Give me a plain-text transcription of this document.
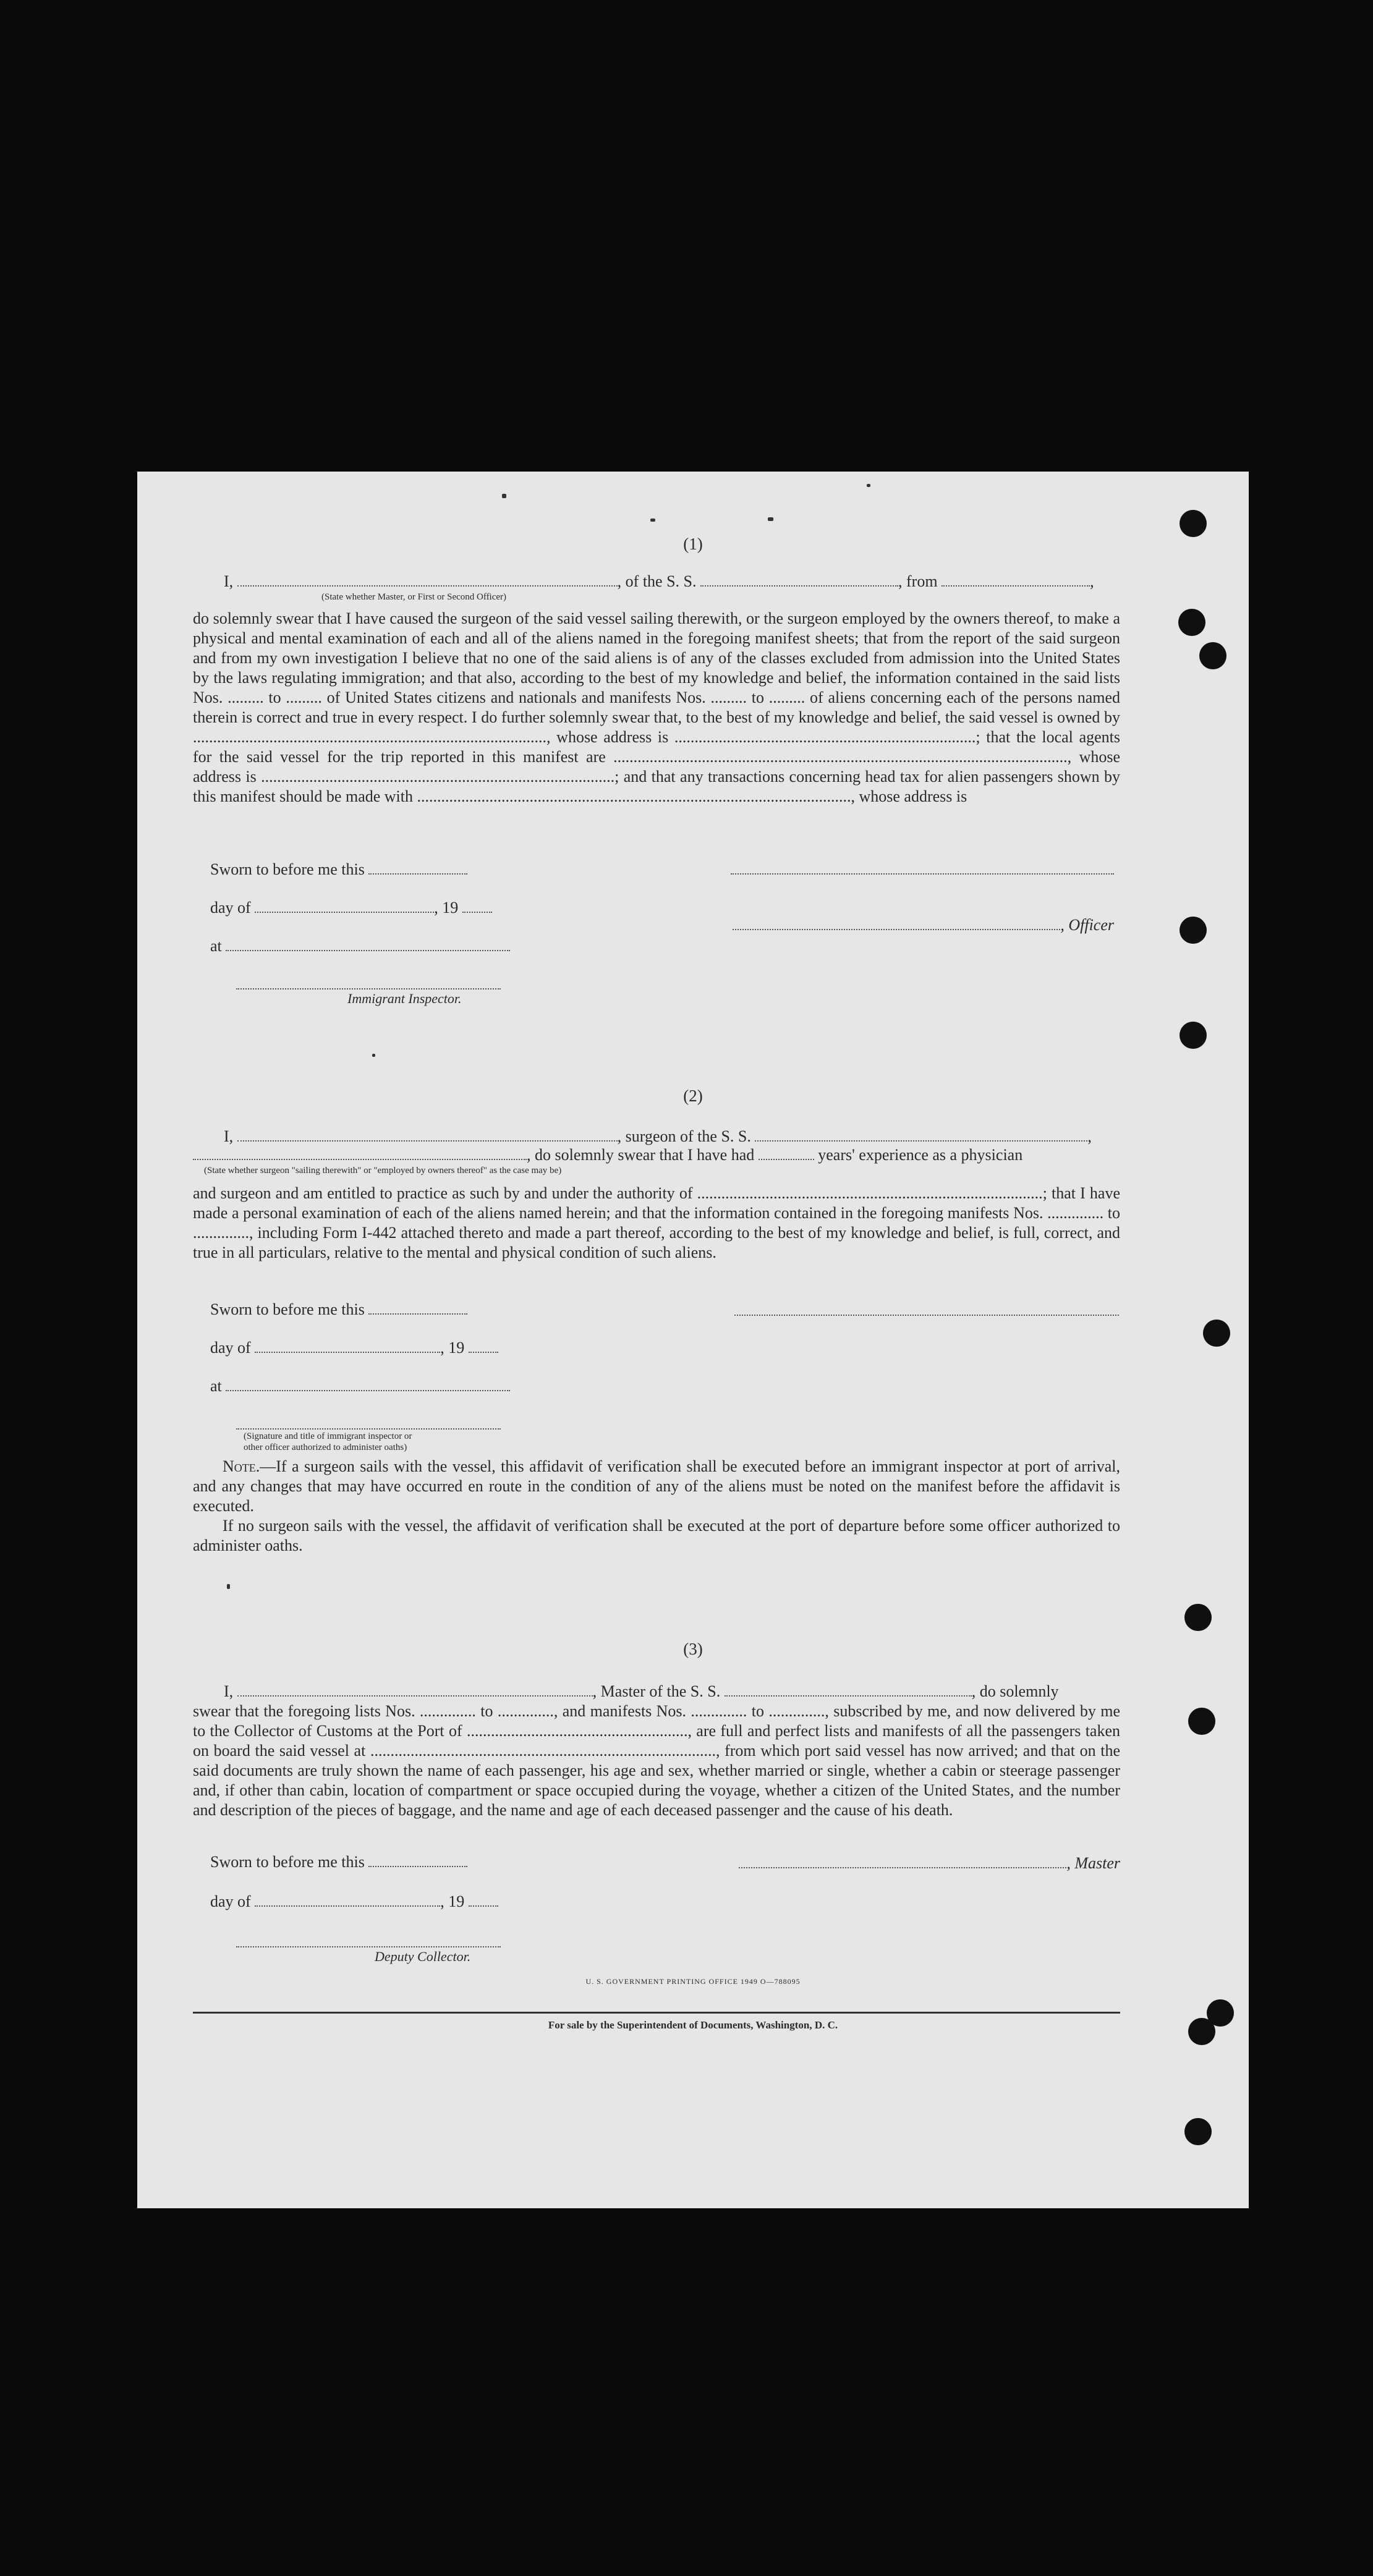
(1)
I,	, of the S. S.	, from	,
(State whether Master, or First or Second Officer)
do solemnly swear that I have caused the surgeon of the said vessel sailing therewith, or the surgeon employed by the owners thereof, to make a physical and mental examination of each and all of the aliens named in the foregoing manifest sheets; that from the report of the said surgeon and from my own investigation I believe that no one of the said aliens is of any of the classes excluded from admission into the United States by the laws regulating immigration; and that also, according to the best of my knowledge and belief, the information contained in the said lists Nos. ......... to ......... of United States citizens and nationals and manifests Nos. ......... to ......... of aliens concerning each of the persons named therein is correct and true in every respect. I do further solemnly swear that, to the best of my knowledge and belief, the said vessel is owned by ........................................................................................, whose address is ...........................................................................; that the local agents for the said vessel for the trip reported in this manifest are ................................................................................................................., whose address is ........................................................................................; and that any transactions concerning head tax for alien passengers shown by this manifest should be made with ............................................................................................................, whose address is
Sworn to before me this
day of	, 19
, Officer
at
Immigrant Inspector.
(2)
I,	, surgeon of the S. S.	,
, do solemnly swear that I have had	years' experience as a physician
(State whether surgeon "sailing therewith" or "employed by owners thereof" as the case may be)
and surgeon and am entitled to practice as such by and under the authority of ......................................................................................; that I have made a personal examination of each of the aliens named herein; and that the information contained in the foregoing manifests Nos. .............. to .............., including Form I-442 attached thereto and made a part thereof, according to the best of my knowledge and belief, is full, correct, and true in all particulars, relative to the mental and physical condition of such aliens.
Sworn to before me this
day of	, 19
at
(Signature and title of immigrant inspector or other officer authorized to administer oaths)
Note.—If a surgeon sails with the vessel, this affidavit of verification shall be executed before an immigrant inspector at port of arrival, and any changes that may have occurred en route in the condition of any of the aliens must be noted on the manifest before the affidavit is executed.
If no surgeon sails with the vessel, the affidavit of verification shall be executed at the port of departure before some officer authorized to administer oaths.
(3)
I,	, Master of the S. S.	, do solemnly
swear that the foregoing lists Nos. .............. to .............., and manifests Nos. .............. to .............., subscribed by me, and now delivered by me to the Collector of Customs at the Port of ......................................................., are full and perfect lists and manifests of all the passengers taken on board the said vessel at ......................................................................................, from which port said vessel has now arrived; and that on the said documents are truly shown the name of each passenger, his age and sex, whether married or single, whether a cabin or steerage passenger and, if other than cabin, location of compartment or space occupied during the voyage, whether a citizen of the United States, and the number and description of the pieces of baggage, and the name and age of each deceased passenger and the cause of his death.
Sworn to before me this	, Master
day of	, 19
Deputy Collector.
U. S. GOVERNMENT PRINTING OFFICE 1949 O—788095
For sale by the Superintendent of Documents, Washington, D. C.
